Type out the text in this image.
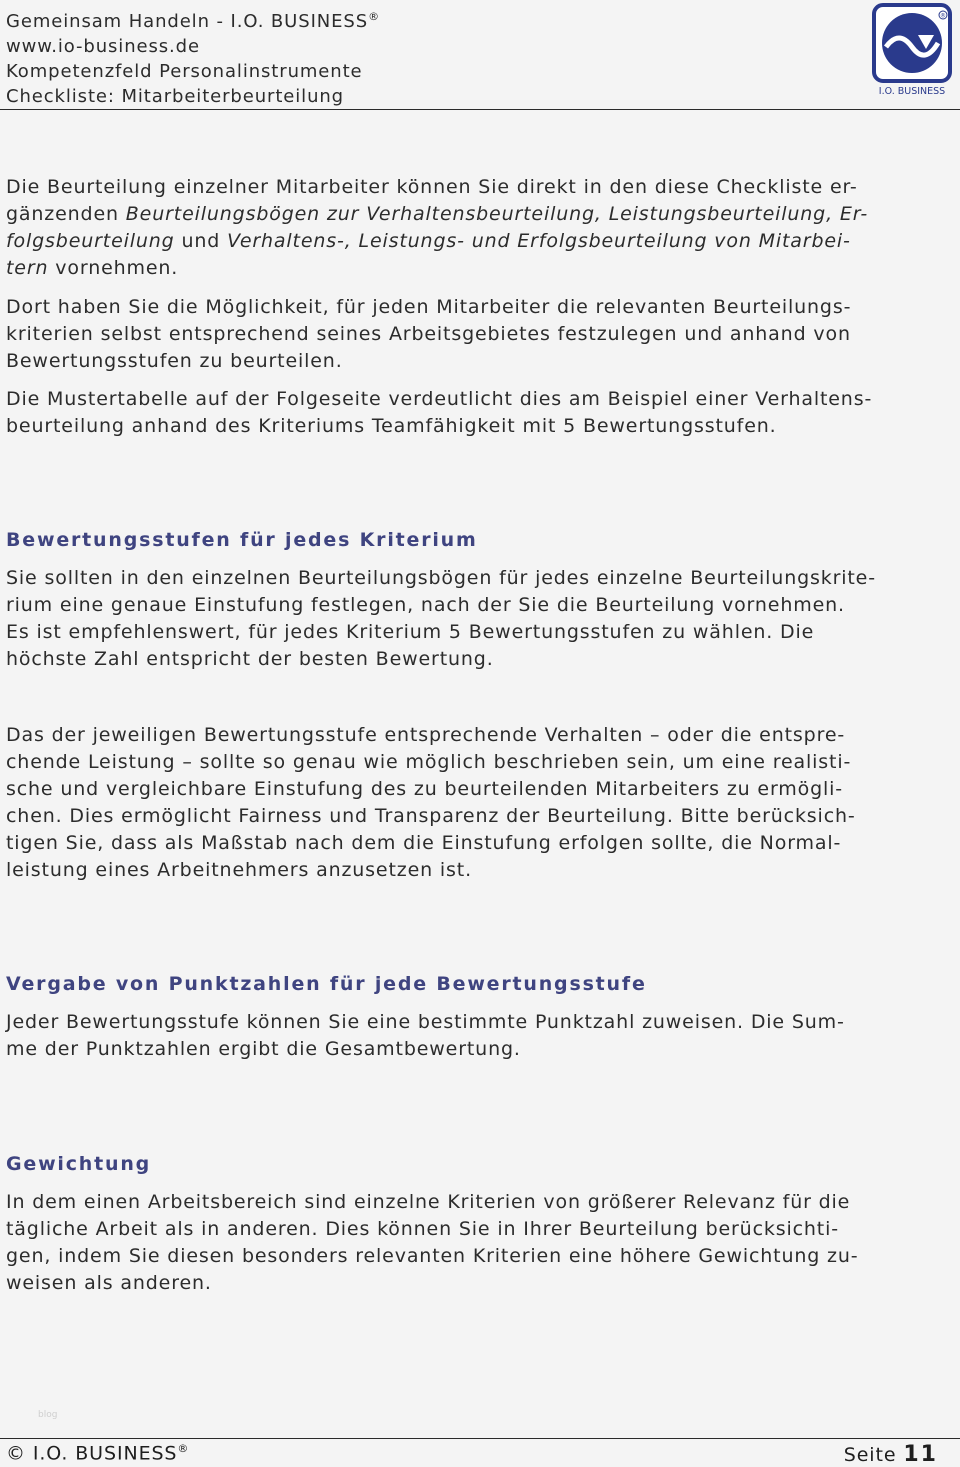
Gemeinsam Handeln - I.O. BUSINESS®
www.io-business.de
Kompetenzfeld Personalinstrumente
Checkliste: Mitarbeiterbeurteilung
®
I.O. BUSINESS
Die Beurteilung einzelner Mitarbeiter können Sie direkt in den diese Checkliste er-
gänzenden Beurteilungsbögen zur Verhaltensbeurteilung, Leistungsbeurteilung, Er-
folgsbeurteilung und Verhaltens-, Leistungs- und Erfolgsbeurteilung von Mitarbei-
tern vornehmen.
Dort haben Sie die Möglichkeit, für jeden Mitarbeiter die relevanten Beurteilungs-
kriterien selbst entsprechend seines Arbeitsgebietes festzulegen und anhand von
Bewertungsstufen zu beurteilen.
Die Mustertabelle auf der Folgeseite verdeutlicht dies am Beispiel einer Verhaltens-
beurteilung anhand des Kriteriums Teamfähigkeit mit 5 Bewertungsstufen.
Bewertungsstufen für jedes Kriterium
Sie sollten in den einzelnen Beurteilungsbögen für jedes einzelne Beurteilungskrite-
rium eine genaue Einstufung festlegen, nach der Sie die Beurteilung vornehmen.
Es ist empfehlenswert, für jedes Kriterium 5 Bewertungsstufen zu wählen. Die
höchste Zahl entspricht der besten Bewertung.
Das der jeweiligen Bewertungsstufe entsprechende Verhalten – oder die entspre-
chende Leistung – sollte so genau wie möglich beschrieben sein, um eine realisti-
sche und vergleichbare Einstufung des zu beurteilenden Mitarbeiters zu ermögli-
chen. Dies ermöglicht Fairness und Transparenz der Beurteilung. Bitte berücksich-
tigen Sie, dass als Maßstab nach dem die Einstufung erfolgen sollte, die Normal-
leistung eines Arbeitnehmers anzusetzen ist.
Vergabe von Punktzahlen für jede Bewertungsstufe
Jeder Bewertungsstufe können Sie eine bestimmte Punktzahl zuweisen. Die Sum-
me der Punktzahlen ergibt die Gesamtbewertung.
Gewichtung
In dem einen Arbeitsbereich sind einzelne Kriterien von größerer Relevanz für die
tägliche Arbeit als in anderen. Dies können Sie in Ihrer Beurteilung berücksichti-
gen, indem Sie diesen besonders relevanten Kriterien eine höhere Gewichtung zu-
weisen als anderen.
blog
© I.O. BUSINESS®	Seite 11
